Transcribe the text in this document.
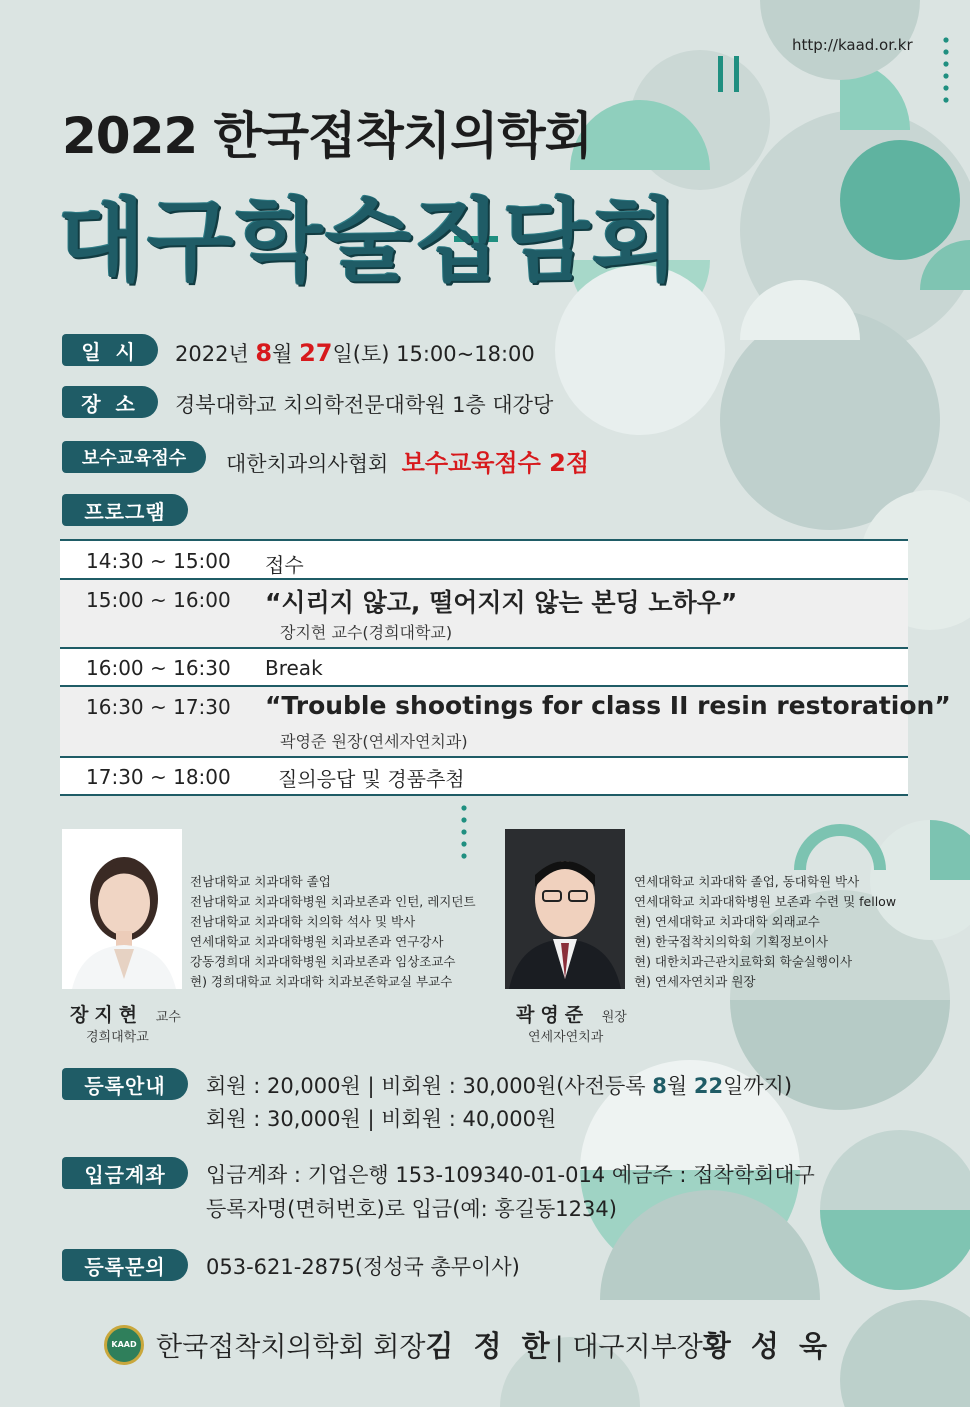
http://kaad.or.kr
2022 한국접착치의학회
대구학술집담회
일 시	2022년 8월 27일(토) 15:00~18:00
장 소	경북대학교 치의학전문대학원 1층 대강당
보수교육점수	대한치과의사협회 보수교육점수 2점
프로그램
14:30 ~ 15:00 접수
15:00 ~ 16:00 “시리지 않고, 떨어지지 않는 본딩 노하우”
장지현 교수(경희대학교)
16:00 ~ 16:30 Break
16:30 ~ 17:30 “Trouble shootings for class II resin restoration”
곽영준 원장(연세자연치과)
17:30 ~ 18:00 질의응답 및 경품추첨
장지현 교수
경희대학교
전남대학교 치과대학 졸업
전남대학교 치과대학병원 치과보존과 인턴, 레지던트
전남대학교 치과대학 치의학 석사 및 박사
연세대학교 치과대학병원 치과보존과 연구강사
강동경희대 치과대학병원 치과보존과 임상조교수
현) 경희대학교 치과대학 치과보존학교실 부교수
곽영준 원장
연세자연치과
연세대학교 치과대학 졸업, 동대학원 박사
연세대학교 치과대학병원 보존과 수련 및 fellow
현) 연세대학교 치과대학 외래교수
현) 한국접착치의학회 기획정보이사
현) 대한치과근관치료학회 학술실행이사
현) 연세자연치과 원장
등록안내	회원 : 20,000원 | 비회원 : 30,000원(사전등록 8월 22일까지)
회원 : 30,000원 | 비회원 : 40,000원
입금계좌	입금계좌 : 기업은행 153-109340-01-014 예금주 : 접착학회대구
등록자명(면허번호)로 입금(예: 홍길동1234)
등록문의	053-621-2875(정성국 총무이사)
KAAD 한국접착치의학회 회장 김 정 한 | 대구지부장 황 성 욱
